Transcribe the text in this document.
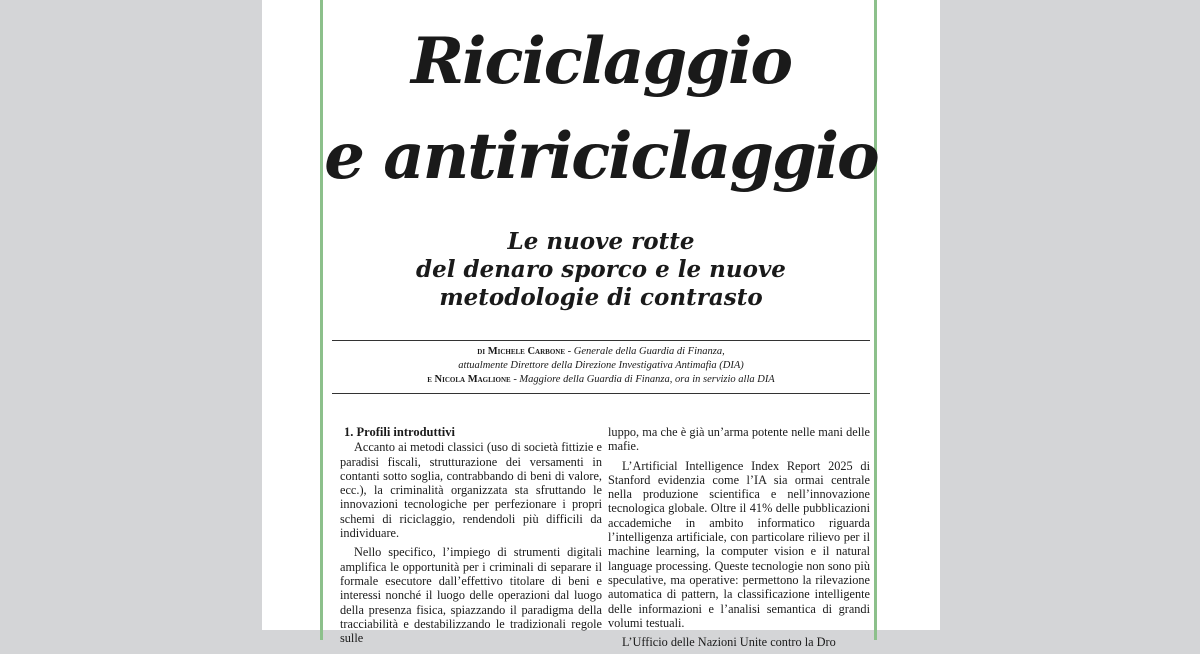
Riciclaggio
e antiriciclaggio
Le nuove rotte
del denaro sporco e le nuove
metodologie di contrasto
di Michele Carbone - Generale della Guardia di Finanza,
attualmente Direttore della Direzione Investigativa Antimafia (DIA)
e Nicola Maglione - Maggiore della Guardia di Finanza, ora in servizio alla DIA
1. Profili introduttivi

Accanto ai metodi classici (uso di società fittizie e paradisi fiscali, strutturazione dei versamenti in contanti sotto soglia, contrabbando di beni di valore, ecc.), la criminalità organizzata sta sfruttando le innovazioni tecnologiche per perfezionare i propri schemi di riciclaggio, rendendoli più difficili da individuare.

Nello specifico, l’impiego di strumenti digitali amplifica le opportunità per i criminali di separare il formale esecutore dall’effettivo titolare di beni e interessi nonché il luogo delle operazioni dal luogo della presenza fisica, spiazzando il paradigma della tracciabilità e destabilizzando le tradizionali regole sulle

luppo, ma che è già un’arma potente nelle mani delle mafie.

L’Artificial Intelligence Index Report 2025 di Stanford evidenzia come l’IA sia ormai centrale nella produzione scientifica e nell’innovazione tecnologica globale. Oltre il 41% delle pubblicazioni accademiche in ambito informatico riguarda l’intelligenza artificiale, con particolare rilievo per il machine learning, la computer vision e il natural language processing. Queste tecnologie non sono più speculative, ma operative: permettono la rilevazione automatica di pattern, la classificazione intelligente delle informazioni e l’analisi semantica di grandi volumi testuali.

L’Ufficio delle Nazioni Unite contro la Dro
